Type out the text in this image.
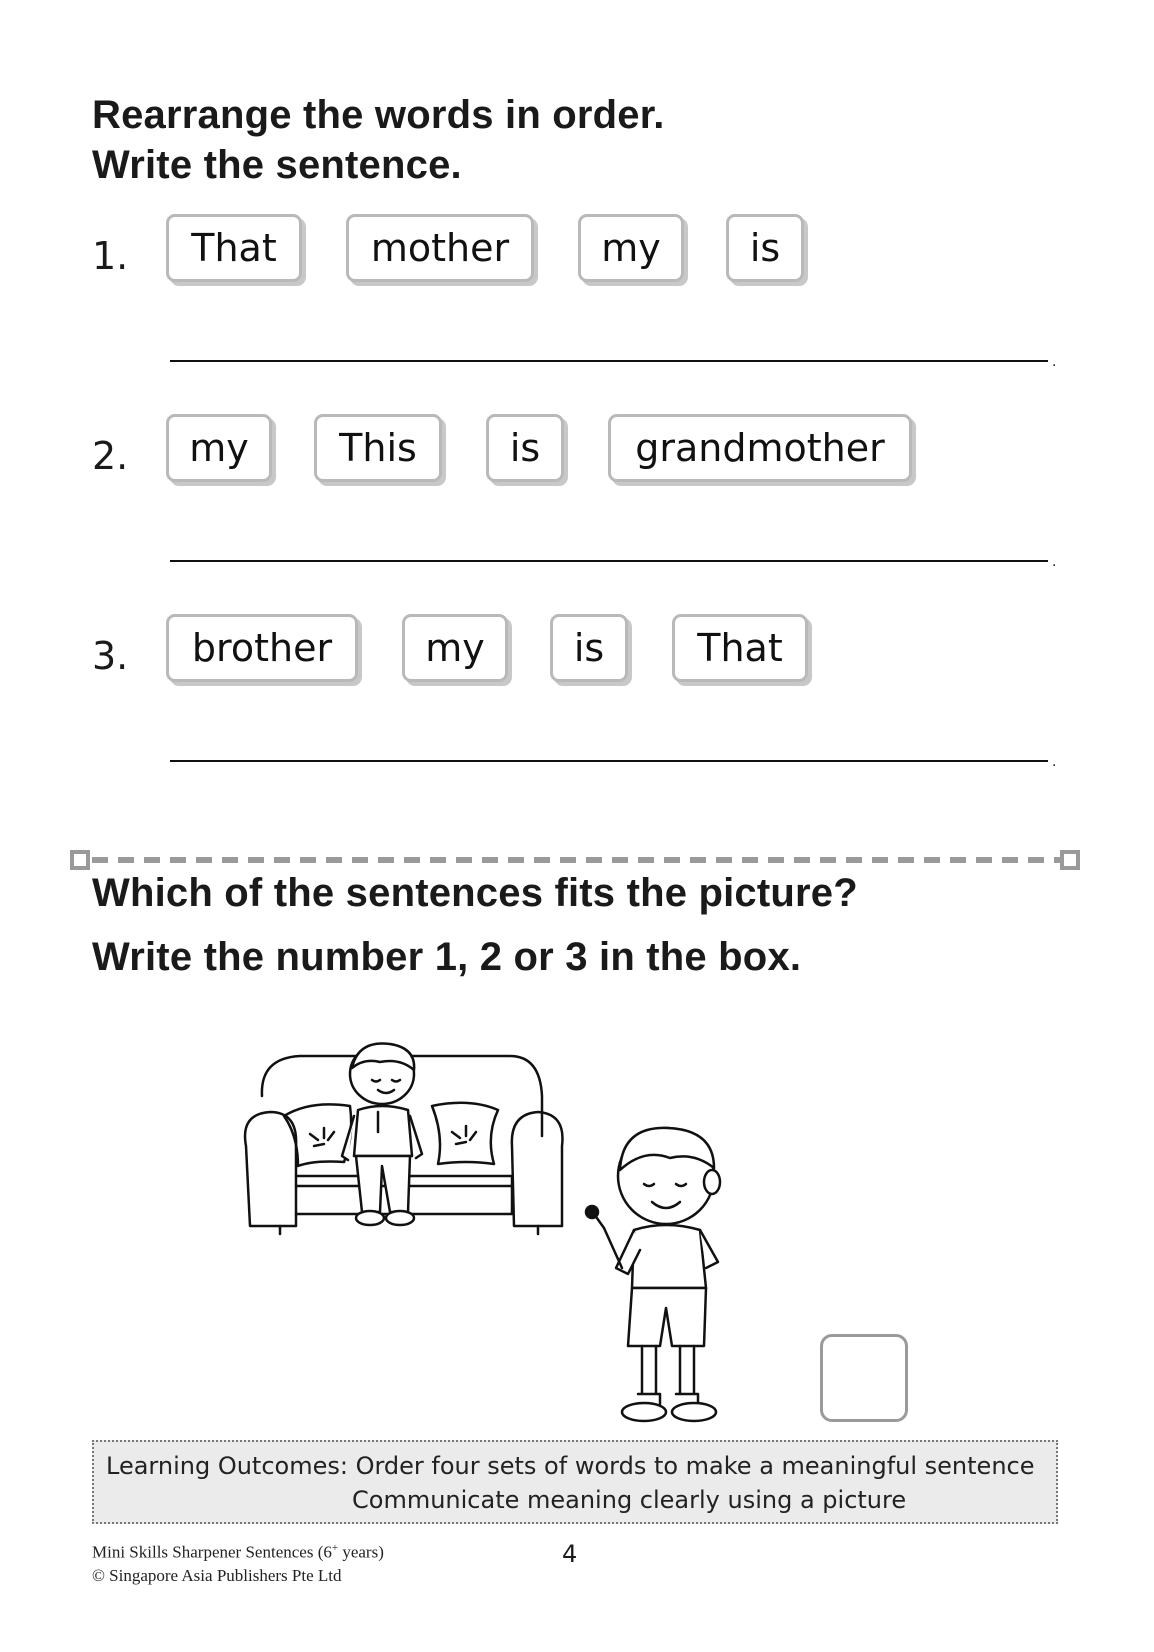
Rearrange the words in order.
Write the sentence.
1.	That	mother	my	is
.
2.	my	This	is	grandmother
.
3.	brother	my	is	That
.
Which of the sentences fits the picture?
Write the number 1, 2 or 3 in the box.
Learning Outcomes: Order four sets of words to make a meaningful sentence
Communicate meaning clearly using a picture
Mini Skills Sharpener Sentences (6+ years)
© Singapore Asia Publishers Pte Ltd
4
